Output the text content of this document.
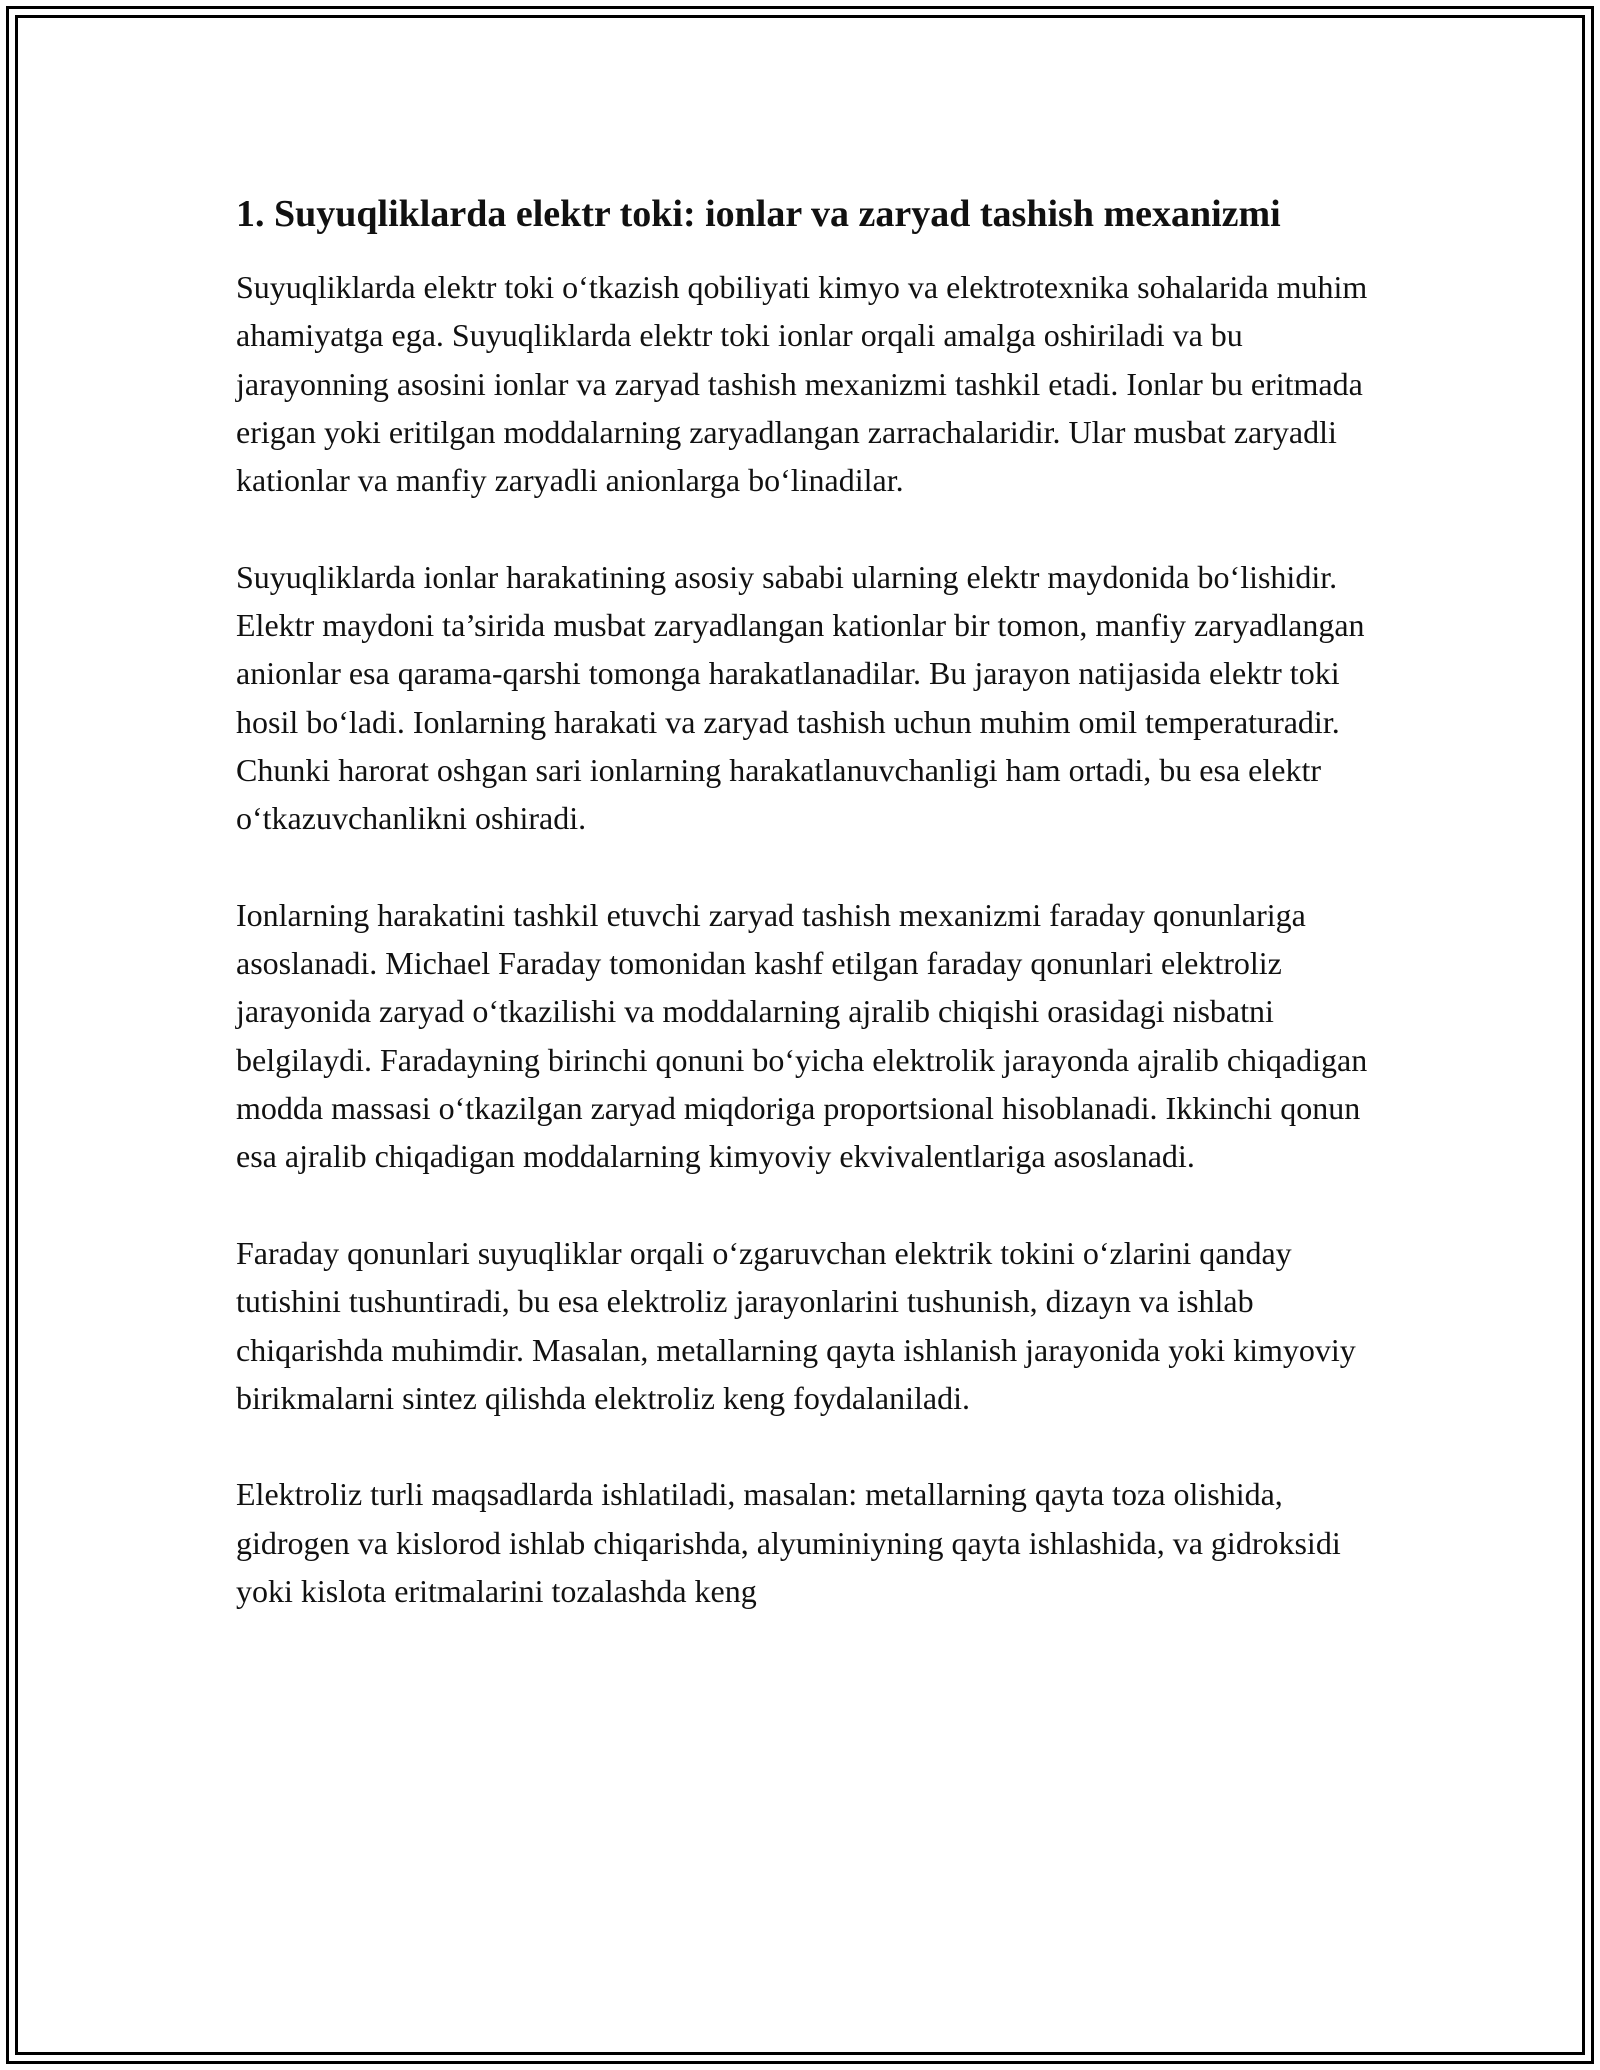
1. Suyuqliklarda elektr toki: ionlar va zaryad tashish mexanizmi

Suyuqliklarda elektr toki o‘tkazish qobiliyati kimyo va elektrotexnika sohalarida muhim ahamiyatga ega. Suyuqliklarda elektr toki ionlar orqali amalga oshiriladi va bu jarayonning asosini ionlar va zaryad tashish mexanizmi tashkil etadi. Ionlar bu eritmada erigan yoki eritilgan moddalarning zaryadlangan zarrachalaridir. Ular musbat zaryadli kationlar va manfiy zaryadli anionlarga bo‘linadilar.

Suyuqliklarda ionlar harakatining asosiy sababi ularning elektr maydonida bo‘lishidir. Elektr maydoni ta’sirida musbat zaryadlangan kationlar bir tomon, manfiy zaryadlangan anionlar esa qarama-qarshi tomonga harakatlanadilar. Bu jarayon natijasida elektr toki hosil bo‘ladi. Ionlarning harakati va zaryad tashish uchun muhim omil temperaturadir. Chunki harorat oshgan sari ionlarning harakatlanuvchanligi ham ortadi, bu esa elektr o‘tkazuvchanlikni oshiradi.

Ionlarning harakatini tashkil etuvchi zaryad tashish mexanizmi faraday qonunlariga asoslanadi. Michael Faraday tomonidan kashf etilgan faraday qonunlari elektroliz jarayonida zaryad o‘tkazilishi va moddalarning ajralib chiqishi orasidagi nisbatni belgilaydi. Faradayning birinchi qonuni bo‘yicha elektrolik jarayonda ajralib chiqadigan modda massasi o‘tkazilgan zaryad miqdoriga proportsional hisoblanadi. Ikkinchi qonun esa ajralib chiqadigan moddalarning kimyoviy ekvivalentlariga asoslanadi.

Faraday qonunlari suyuqliklar orqali o‘zgaruvchan elektrik tokini o‘zlarini qanday tutishini tushuntiradi, bu esa elektroliz jarayonlarini tushunish, dizayn va ishlab chiqarishda muhimdir. Masalan, metallarning qayta ishlanish jarayonida yoki kimyoviy birikmalarni sintez qilishda elektroliz keng foydalaniladi.

Elektroliz turli maqsadlarda ishlatiladi, masalan: metallarning qayta toza olishida, gidrogen va kislorod ishlab chiqarishda, alyuminiyning qayta ishlashida, va gidroksidi yoki kislota eritmalarini tozalashda keng
